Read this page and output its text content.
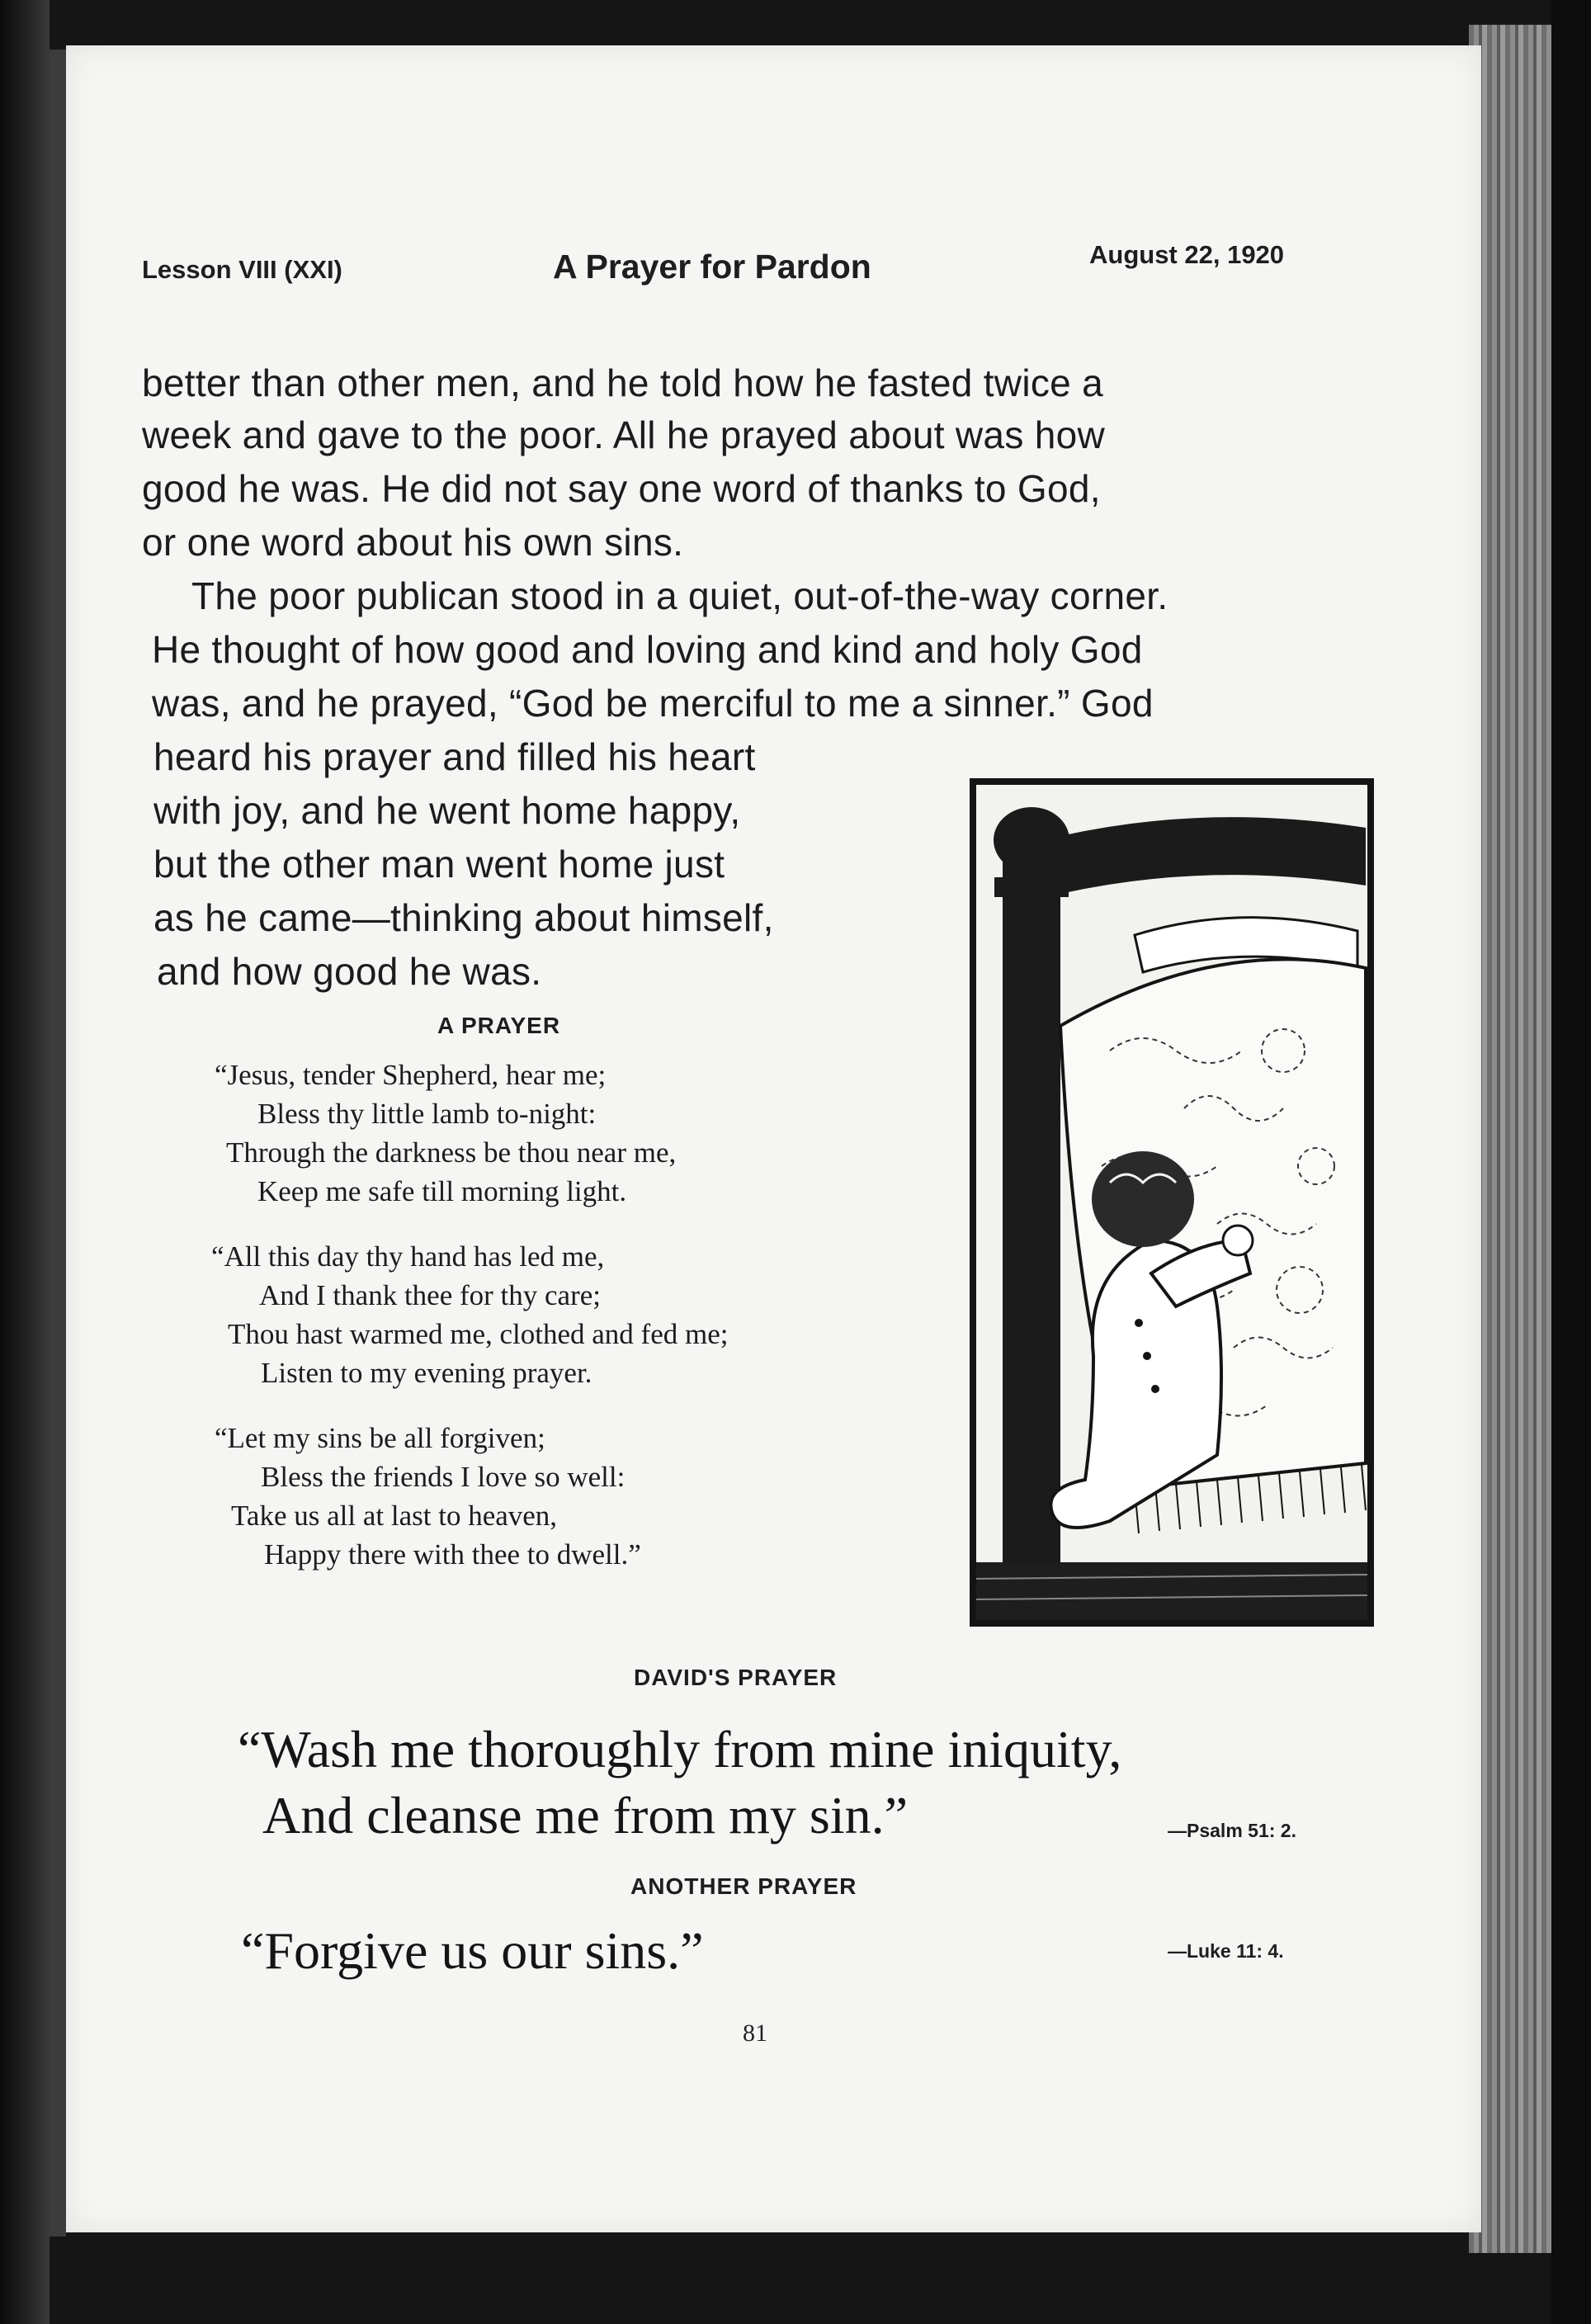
Lesson VIII (XXI)	A Prayer for Pardon	August 22, 1920
better than other men, and he told how he fasted twice a
week and gave to the poor. All he prayed about was how
good he was. He did not say one word of thanks to God,
or one word about his own sins.
The poor publican stood in a quiet, out-of-the-way corner.
He thought of how good and loving and kind and holy God
was, and he prayed, “God be merciful to me a sinner.” God
heard his prayer and filled his heart
with joy, and he went home happy,
but the other man went home just
as he came—thinking about himself,
and how good he was.
A PRAYER
“Jesus, tender Shepherd, hear me;
Bless thy little lamb to-night:
Through the darkness be thou near me,
Keep me safe till morning light.
“All this day thy hand has led me,
And I thank thee for thy care;
Thou hast warmed me, clothed and fed me;
Listen to my evening prayer.
“Let my sins be all forgiven;
Bless the friends I love so well:
Take us all at last to heaven,
Happy there with thee to dwell.”
DAVID'S PRAYER
“Wash me thoroughly from mine iniquity,
And cleanse me from my sin.”	—Psalm 51: 2.
ANOTHER PRAYER
“Forgive us our sins.”	—Luke 11: 4.
81
